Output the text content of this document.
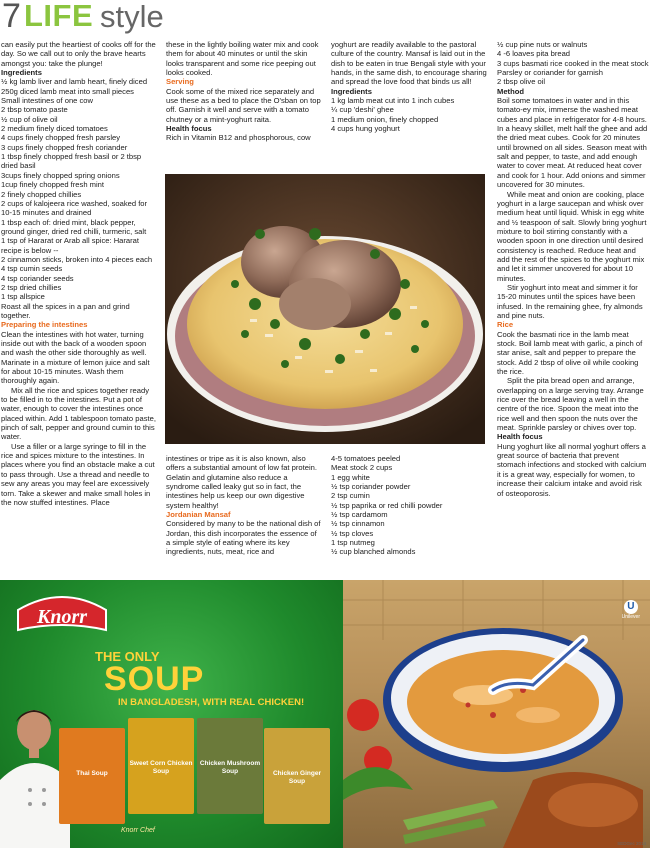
7 LIFE style

can easily put the heartiest of cooks off for the day. So we call out to only the brave hearts amongst you: take the plunge!

Ingredients

½ kg lamb liver and lamb heart, finely diced

250g diced lamb meat into small pieces

Small intestines of one cow

2 tbsp tomato paste

½ cup of olive oil

2 medium finely diced tomatoes

4 cups finely chopped fresh parsley

3 cups finely chopped fresh coriander

1 tbsp finely chopped fresh basil or 2 tbsp dried basil

3cups finely chopped spring onions

1cup finely chopped fresh mint

2 finely chopped chillies

2 cups of kalojeera rice washed, soaked for 10-15 minutes and drained

1 tbsp each of: dried mint, black pepper, ground ginger, dried red chilli, turmeric, salt

1 tsp of Hararat or Arab all spice: Hararat recipe is below --

2 cinnamon sticks, broken into 4 pieces each

4 tsp cumin seeds

4 tsp coriander seeds

2 tsp dried chillies

1 tsp allspice

Roast all the spices in a pan and grind together.

Preparing the intestines

Clean the intestines with hot water, turning inside out with the back of a wooden spoon and wash the other side thoroughly as well. Marinate in a mixture of lemon juice and salt for about 10-15 minutes. Wash them thoroughly again.

Mix all the rice and spices together ready to be filled in to the intestines. Put a pot of water, enough to cover the intestines once placed within. Add 1 tablespoon tomato paste, pinch of salt, pepper and ground cumin to this water.

Use a filler or a large syringe to fill in the rice and spices mixture to the intestines. In places where you find an obstacle make a cut to pass through. Use a thread and needle to sew any areas you may feel are excessively torn. Take a skewer and make small holes in the now stuffed intestines. Place

these in the lightly boiling water mix and cook them for about 40 minutes or until the skin looks transparent and some rice peeping out looks cooked.

Serving

Cook some of the mixed rice separately and use these as a bed to place the O'sban on top off. Garnish it well and serve with a tomato chutney or a mint-yoghurt raita.

Health focus

Rich in Vitamin B12 and phosphorous, cow

yoghurt are readily available to the pastoral culture of the country. Mansaf is laid out in the dish to be eaten in true Bengali style with your hands, in the same dish, to encourage sharing and spread the love food that binds us all!

Ingredients

1 kg lamb meat cut into 1 inch cubes

¼ cup 'deshi' ghee

1 medium onion, finely chopped

4 cups hung yoghurt

½ cup pine nuts or walnuts

4 -6 loaves pita bread

3 cups basmati rice cooked in the meat stock

Parsley or coriander for garnish

2 tbsp olive oil

Method

Boil some tomatoes in water and in this tomato-ey mix, immerse the washed meat cubes and place in refrigerator for 4-8 hours. In a heavy skillet, melt half the ghee and add the dried meat cubes. Cook for 20 minutes until browned on all sides. Season meat with salt and pepper, to taste, and add enough water to cover meat. At reduced heat cover and cook for 1 hour. Add onions and simmer uncovered for 30 minutes.

While meat and onion are cooking, place yoghurt in a large saucepan and whisk over medium heat until liquid. Whisk in egg white and ½ teaspoon of salt. Slowly bring yoghurt mixture to boil stirring constantly with a wooden spoon in one direction until desired consistency is reached. Reduce heat and add the rest of the spices to the yoghurt mix and let it simmer uncovered for about 10 minutes.

Stir yoghurt into meat and simmer it for 15-20 minutes until the spices have been infused. In the remaining ghee, fry almonds and pine nuts.

Rice

Cook the basmati rice in the lamb meat stock. Boil lamb meat with garlic, a pinch of star anise, salt and pepper to prepare the stock. Add 2 tbsp of olive oil while cooking the rice.

Split the pita bread open and arrange, overlapping on a large serving tray. Arrange rice over the bread leaving a well in the centre of the rice. Spoon the meat into the rice well and then spoon the nuts over the meat. Sprinkle parsley or chives over top.

Health focus

Hung yoghurt like all normal yoghurt offers a great source of bacteria that prevent stomach infections and stocked with calcium it is a great way, especially for women, to increase their calcium intake and avoid risk of osteoporosis.

intestines or tripe as it is also known, also offers a substantial amount of low fat protein. Gelatin and glutamine also reduce a syndrome called leaky gut so in fact, the intestines help us keep our own digestive system healthy!

Jordanian Mansaf

Considered by many to be the national dish of Jordan, this dish incorporates the essence of a simple style of eating where its key ingredients, nuts, meat, rice and

4-5 tomatoes peeled

Meat stock 2 cups

1 egg white

½ tsp coriander powder

2 tsp cumin

½ tsp paprika or red chilli powder

½ tsp cardamom

½ tsp cinnamon

½ tsp cloves

1 tsp nutmeg

½ cup blanched almonds

Knorr
THE ONLY
SOUP
IN BANGLADESH, WITH REAL CHICKEN!
Thai Soup
Sweet Corn Chicken Soup
Chicken Mushroom Soup	Chicken Ginger Soup
Knorr Chef
U
Unilever
SEDGec 2014
